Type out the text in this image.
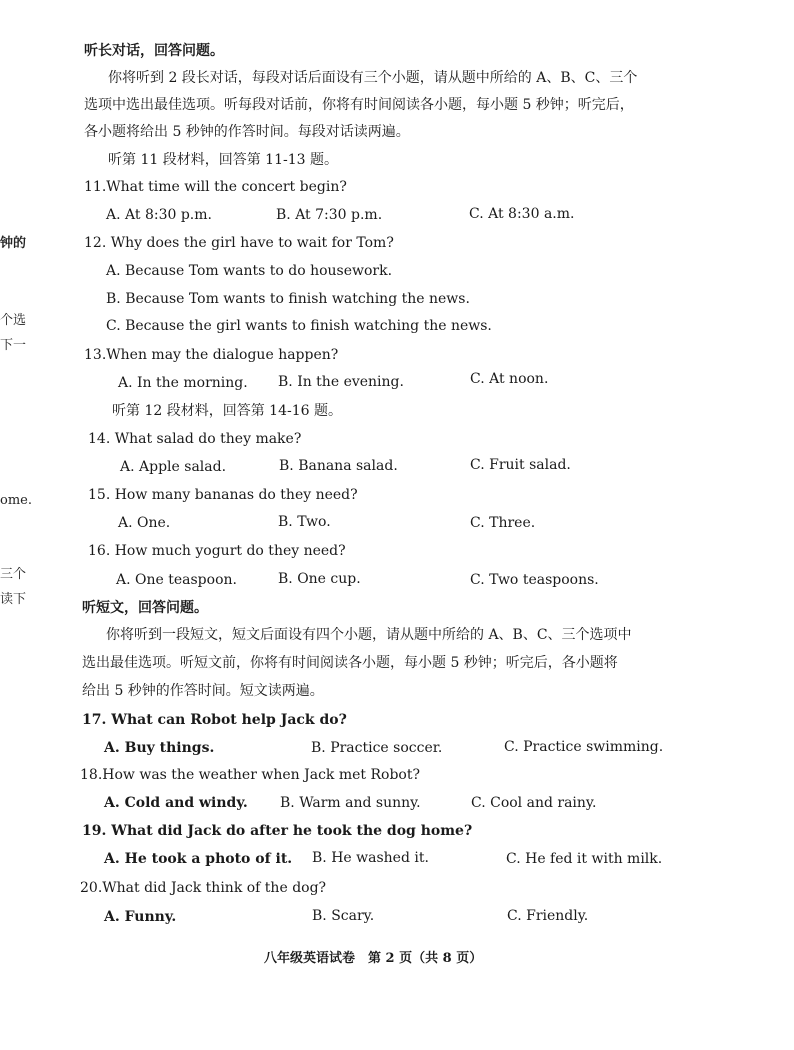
钟的
个选
下一
ome.
三个
读下
听长对话，回答问题。
你将听到 2 段长对话，每段对话后面设有三个小题，请从题中所给的 A、B、C、三个
选项中选出最佳选项。听每段对话前，你将有时间阅读各小题，每小题 5 秒钟；听完后，
各小题将给出 5 秒钟的作答时间。每段对话读两遍。
听第 11 段材料，回答第 11-13 题。
11.What time will the concert begin?
A. At 8:30 p.m.	B. At 7:30 p.m.	C. At 8:30 a.m.
12. Why does the girl have to wait for Tom?
A. Because Tom wants to do housework.
B. Because Tom wants to finish watching the news.
C. Because the girl wants to finish watching the news.
13.When may the dialogue happen?
A. In the morning. B. In the evening.	C. At noon.
听第 12 段材料，回答第 14-16 题。
14. What salad do they make?
A. Apple salad.	B. Banana salad.	C. Fruit salad.
15. How many bananas do they need?
A. One.	B. Two.	C. Three.
16. How much yogurt do they need?
A. One teaspoon.	B. One cup.	C. Two teaspoons.
听短文，回答问题。
你将听到一段短文，短文后面设有四个小题，请从题中所给的 A、B、C、三个选项中
选出最佳选项。听短文前，你将有时间阅读各小题，每小题 5 秒钟；听完后，各小题将
给出 5 秒钟的作答时间。短文读两遍。
17. What can Robot help Jack do?
A. Buy things.	B. Practice soccer.	C. Practice swimming.
18.How was the weather when Jack met Robot?
A. Cold and windy. B. Warm and sunny.	C. Cool and rainy.
19. What did Jack do after he took the dog home?
A. He took a photo of it. B. He washed it.	C. He fed it with milk.
20.What did Jack think of the dog?
A. Funny.	B. Scary.	C. Friendly.
八年级英语试卷　第 2 页（共 8 页）
